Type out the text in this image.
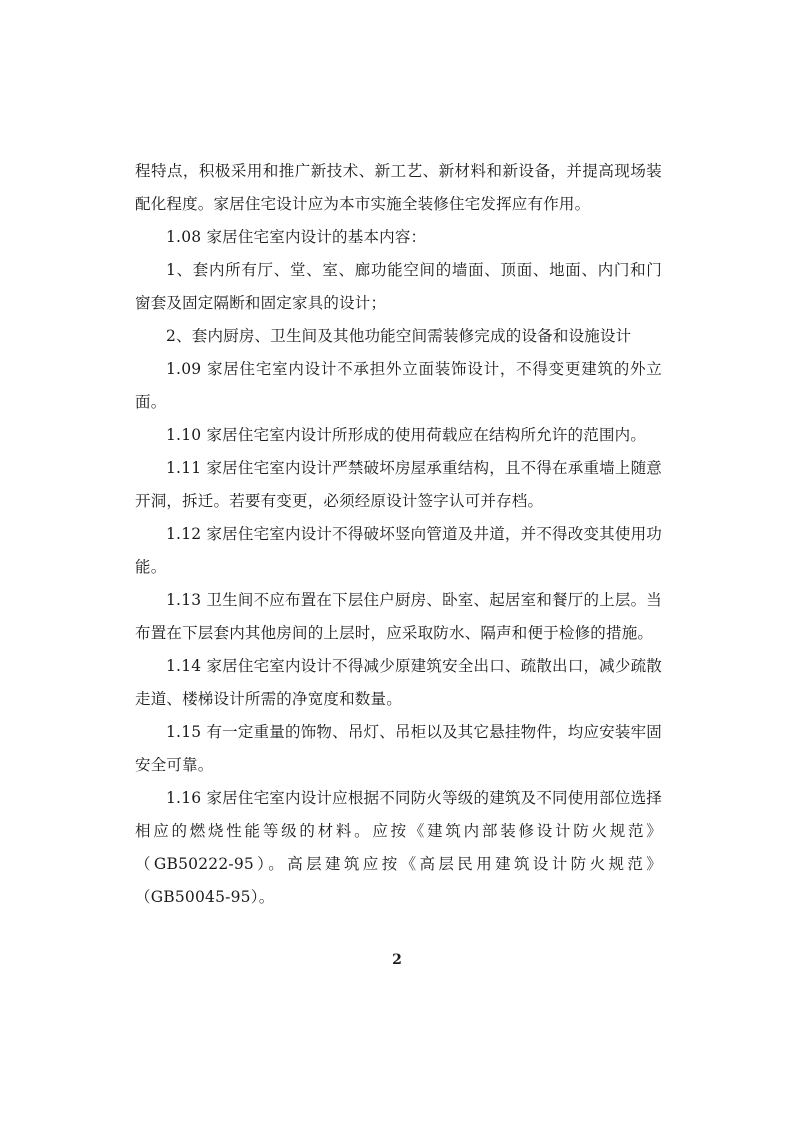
程特点，积极采用和推广新技术、新工艺、新材料和新设备，并提高现场装配化程度。家居住宅设计应为本市实施全装修住宅发挥应有作用。

1.08 家居住宅室内设计的基本内容：

1、套内所有厅、堂、室、廊功能空间的墙面、顶面、地面、内门和门窗套及固定隔断和固定家具的设计；

2、套内厨房、卫生间及其他功能空间需装修完成的设备和设施设计

1.09 家居住宅室内设计不承担外立面装饰设计，不得变更建筑的外立面。

1.10 家居住宅室内设计所形成的使用荷载应在结构所允许的范围内。

1.11 家居住宅室内设计严禁破坏房屋承重结构，且不得在承重墙上随意开洞，拆迁。若要有变更，必须经原设计签字认可并存档。

1.12 家居住宅室内设计不得破坏竖向管道及井道，并不得改变其使用功能。

1.13 卫生间不应布置在下层住户厨房、卧室、起居室和餐厅的上层。当布置在下层套内其他房间的上层时，应采取防水、隔声和便于检修的措施。

1.14 家居住宅室内设计不得减少原建筑安全出口、疏散出口，减少疏散走道、楼梯设计所需的净宽度和数量。

1.15 有一定重量的饰物、吊灯、吊柜以及其它悬挂物件，均应安装牢固安全可靠。

1.16 家居住宅室内设计应根据不同防火等级的建筑及不同使用部位选择相应的燃烧性能等级的材料。应按《建筑内部装修设计防火规范》（GB50222-95）。高层建筑应按《高层民用建筑设计防火规范》（GB50045-95）。

2
